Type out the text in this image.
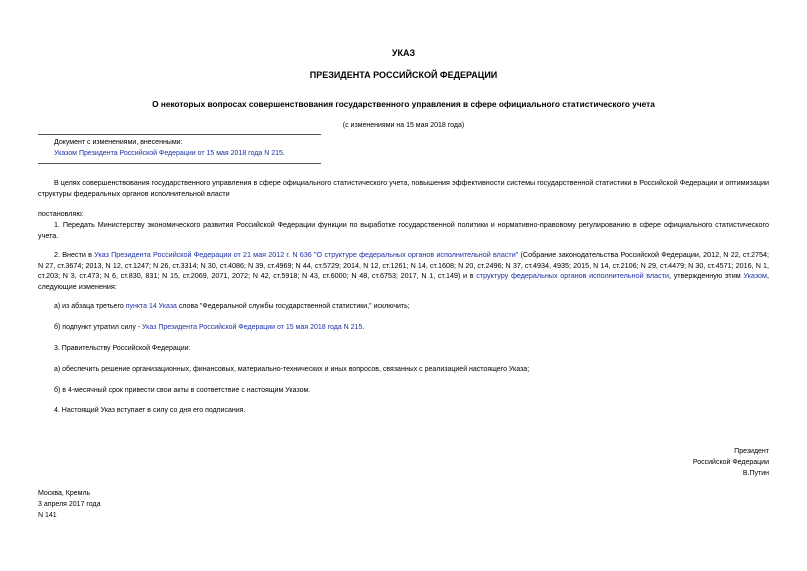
УКАЗ
ПРЕЗИДЕНТА РОССИЙСКОЙ ФЕДЕРАЦИИ
О некоторых вопросах совершенствования государственного управления в сфере официального статистического учета
(с изменениями на 15 мая 2018 года)
Документ с изменениями, внесенными:
Указом Президента Российской Федерации от 15 мая 2018 года N 215.

В целях совершенствования государственного управления в сфере официального статистического учета, повышения эффективности системы государственной статистики в Российской Федерации и оптимизации структуры федеральных органов исполнительной власти

постановляю:

1. Передать Министерству экономического развития Российской Федерации функции по выработке государственной политики и нормативно-правовому регулированию в сфере официального статистического учета.

2. Внести в Указ Президента Российской Федерации от 21 мая 2012 г. N 636 "О структуре федеральных органов исполнительной власти" (Собрание законодательства Российской Федерации, 2012, N 22, ст.2754; N 27, ст.3674; 2013, N 12, ст.1247; N 26, ст.3314; N 30, ст.4086; N 39, ст.4969; N 44, ст.5729; 2014, N 12, ст.1261; N 14, ст.1608; N 20, ст.2496; N 37, ст.4934, 4935; 2015, N 14, ст.2106; N 29, ст.4479; N 30, ст.4571; 2016, N 1, ст.203; N 3, ст.473; N 6, ст.830, 831; N 15, ст.2069, 2071, 2072; N 42, ст.5918; N 43, ст.6000; N 48, ст.6753; 2017, N 1, ст.149) и в структуру федеральных органов исполнительной власти, утвержденную этим Указом, следующие изменения:

а) из абзаца третьего пункта 14 Указа слова "Федеральной службы государственной статистики," исключить;
б) подпункт утратил силу - Указ Президента Российской Федерации от 15 мая 2018 года N 215.
3. Правительству Российской Федерации:
а) обеспечить решение организационных, финансовых, материально-технических и иных вопросов, связанных с реализацией настоящего Указа;
б) в 4-месячный срок привести свои акты в соответствие с настоящим Указом.
4. Настоящий Указ вступает в силу со дня его подписания.
Президент
Российской Федерации
В.Путин
Москва, Кремль
3 апреля 2017 года
N 141
